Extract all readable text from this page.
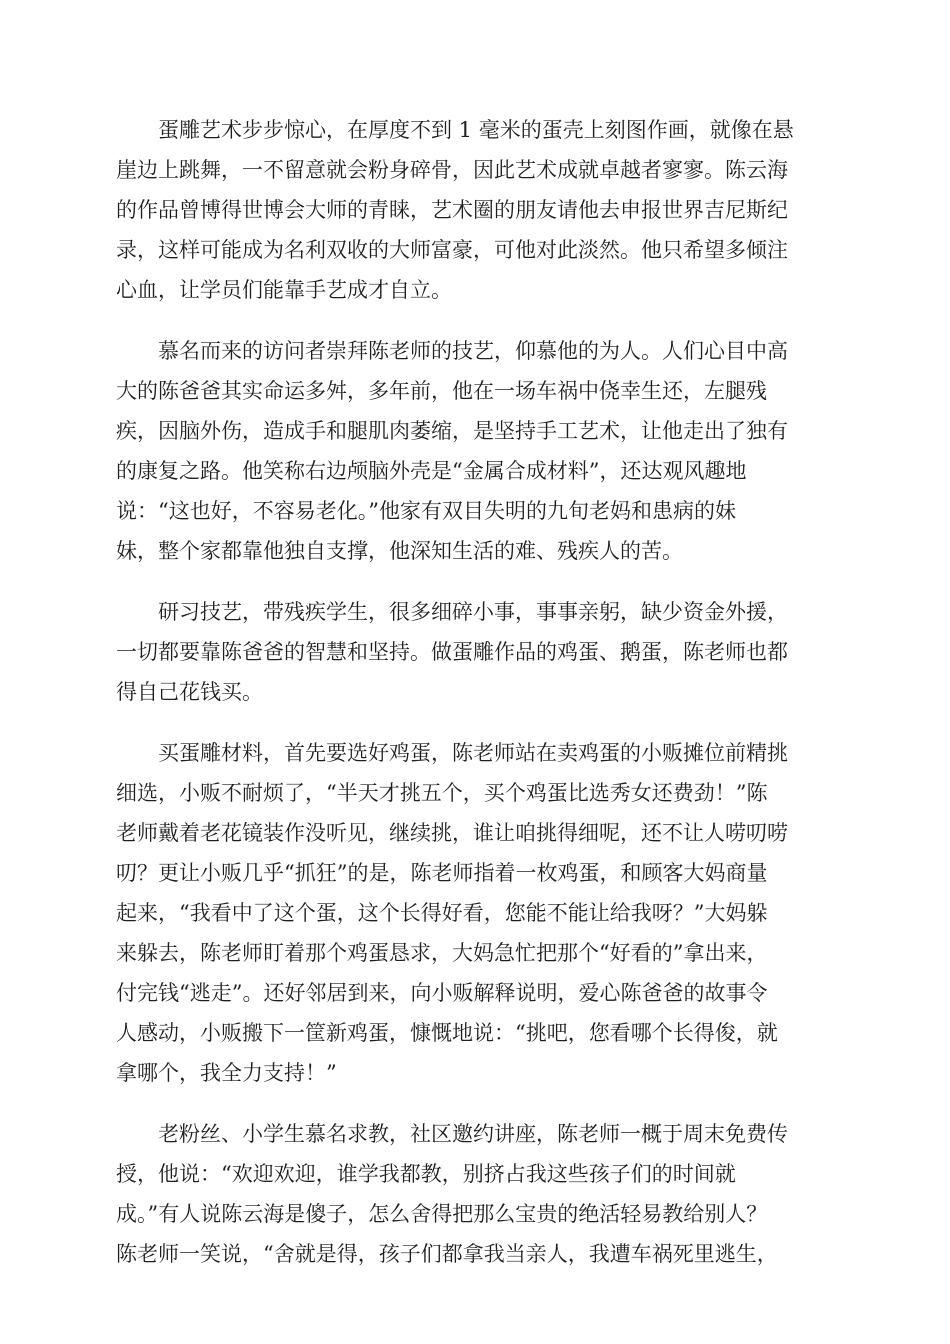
　　蛋雕艺术步步惊心，在厚度不到 1 毫米的蛋壳上刻图作画，就像在悬
崖边上跳舞，一不留意就会粉身碎骨，因此艺术成就卓越者寥寥。陈云海
的作品曾博得世博会大师的青睐，艺术圈的朋友请他去申报世界吉尼斯纪
录，这样可能成为名利双收的大师富豪，可他对此淡然。他只希望多倾注
心血，让学员们能靠手艺成才自立。
　　慕名而来的访问者崇拜陈老师的技艺，仰慕他的为人。人们心目中高
大的陈爸爸其实命运多舛，多年前，他在一场车祸中侥幸生还，左腿残
疾，因脑外伤，造成手和腿肌肉萎缩，是坚持手工艺术，让他走出了独有
的康复之路。他笑称右边颅脑外壳是“金属合成材料”，还达观风趣地
说：“这也好，不容易老化。”他家有双目失明的九旬老妈和患病的妹
妹，整个家都靠他独自支撑，他深知生活的难、残疾人的苦。
　　研习技艺，带残疾学生，很多细碎小事，事事亲躬，缺少资金外援，
一切都要靠陈爸爸的智慧和坚持。做蛋雕作品的鸡蛋、鹅蛋，陈老师也都
得自己花钱买。
　　买蛋雕材料，首先要选好鸡蛋，陈老师站在卖鸡蛋的小贩摊位前精挑
细选，小贩不耐烦了，“半天才挑五个，买个鸡蛋比选秀女还费劲！”陈
老师戴着老花镜装作没听见，继续挑，谁让咱挑得细呢，还不让人唠叨唠
叨？更让小贩几乎“抓狂”的是，陈老师指着一枚鸡蛋，和顾客大妈商量
起来，“我看中了这个蛋，这个长得好看，您能不能让给我呀？”大妈躲
来躲去，陈老师盯着那个鸡蛋恳求，大妈急忙把那个“好看的”拿出来，
付完钱“逃走”。还好邻居到来，向小贩解释说明，爱心陈爸爸的故事令
人感动，小贩搬下一筐新鸡蛋，慷慨地说：“挑吧，您看哪个长得俊，就
拿哪个，我全力支持！”
　　老粉丝、小学生慕名求教，社区邀约讲座，陈老师一概于周末免费传
授，他说：“欢迎欢迎，谁学我都教，别挤占我这些孩子们的时间就
成。”有人说陈云海是傻子，怎么舍得把那么宝贵的绝活轻易教给别人？
陈老师一笑说，“舍就是得，孩子们都拿我当亲人，我遭车祸死里逃生，
